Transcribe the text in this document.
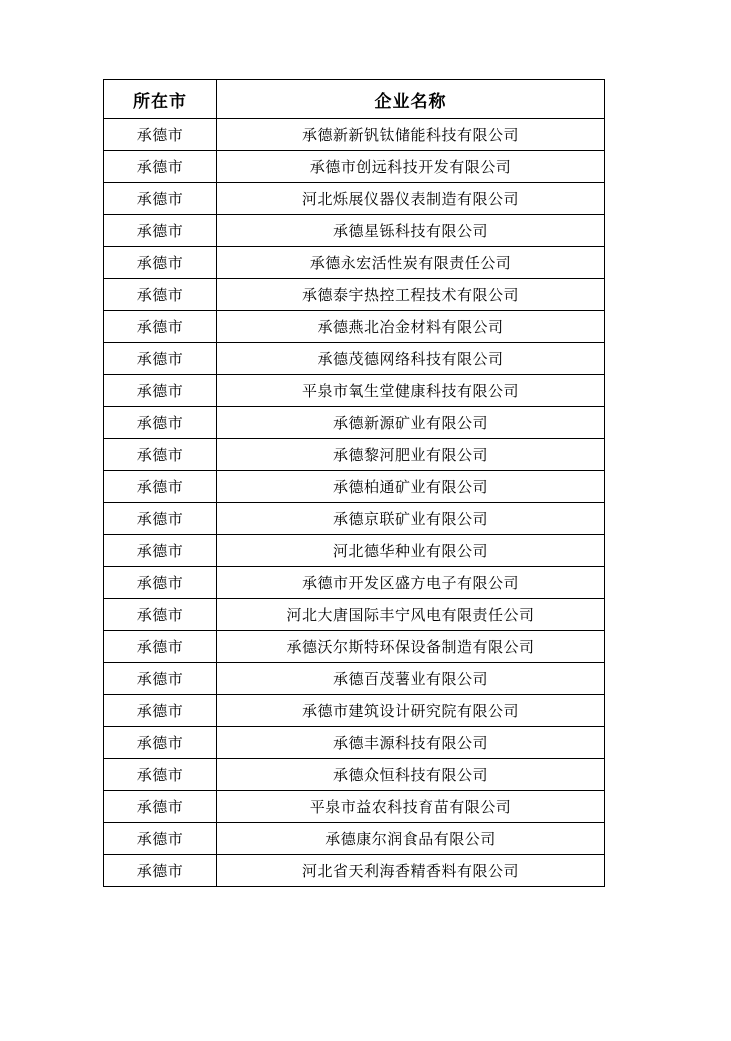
所在市	企业名称
承德市	承德新新钒钛储能科技有限公司
承德市	承德市创远科技开发有限公司
承德市	河北烁展仪器仪表制造有限公司
承德市	承德星铄科技有限公司
承德市	承德永宏活性炭有限责任公司
承德市	承德泰宇热控工程技术有限公司
承德市	承德燕北冶金材料有限公司
承德市	承德茂德网络科技有限公司
承德市	平泉市氧生堂健康科技有限公司
承德市	承德新源矿业有限公司
承德市	承德黎河肥业有限公司
承德市	承德柏通矿业有限公司
承德市	承德京联矿业有限公司
承德市	河北德华种业有限公司
承德市	承德市开发区盛方电子有限公司
承德市	河北大唐国际丰宁风电有限责任公司
承德市	承德沃尔斯特环保设备制造有限公司
承德市	承德百茂薯业有限公司
承德市	承德市建筑设计研究院有限公司
承德市	承德丰源科技有限公司
承德市	承德众恒科技有限公司
承德市	平泉市益农科技育苗有限公司
承德市	承德康尔润食品有限公司
承德市	河北省天利海香精香料有限公司
